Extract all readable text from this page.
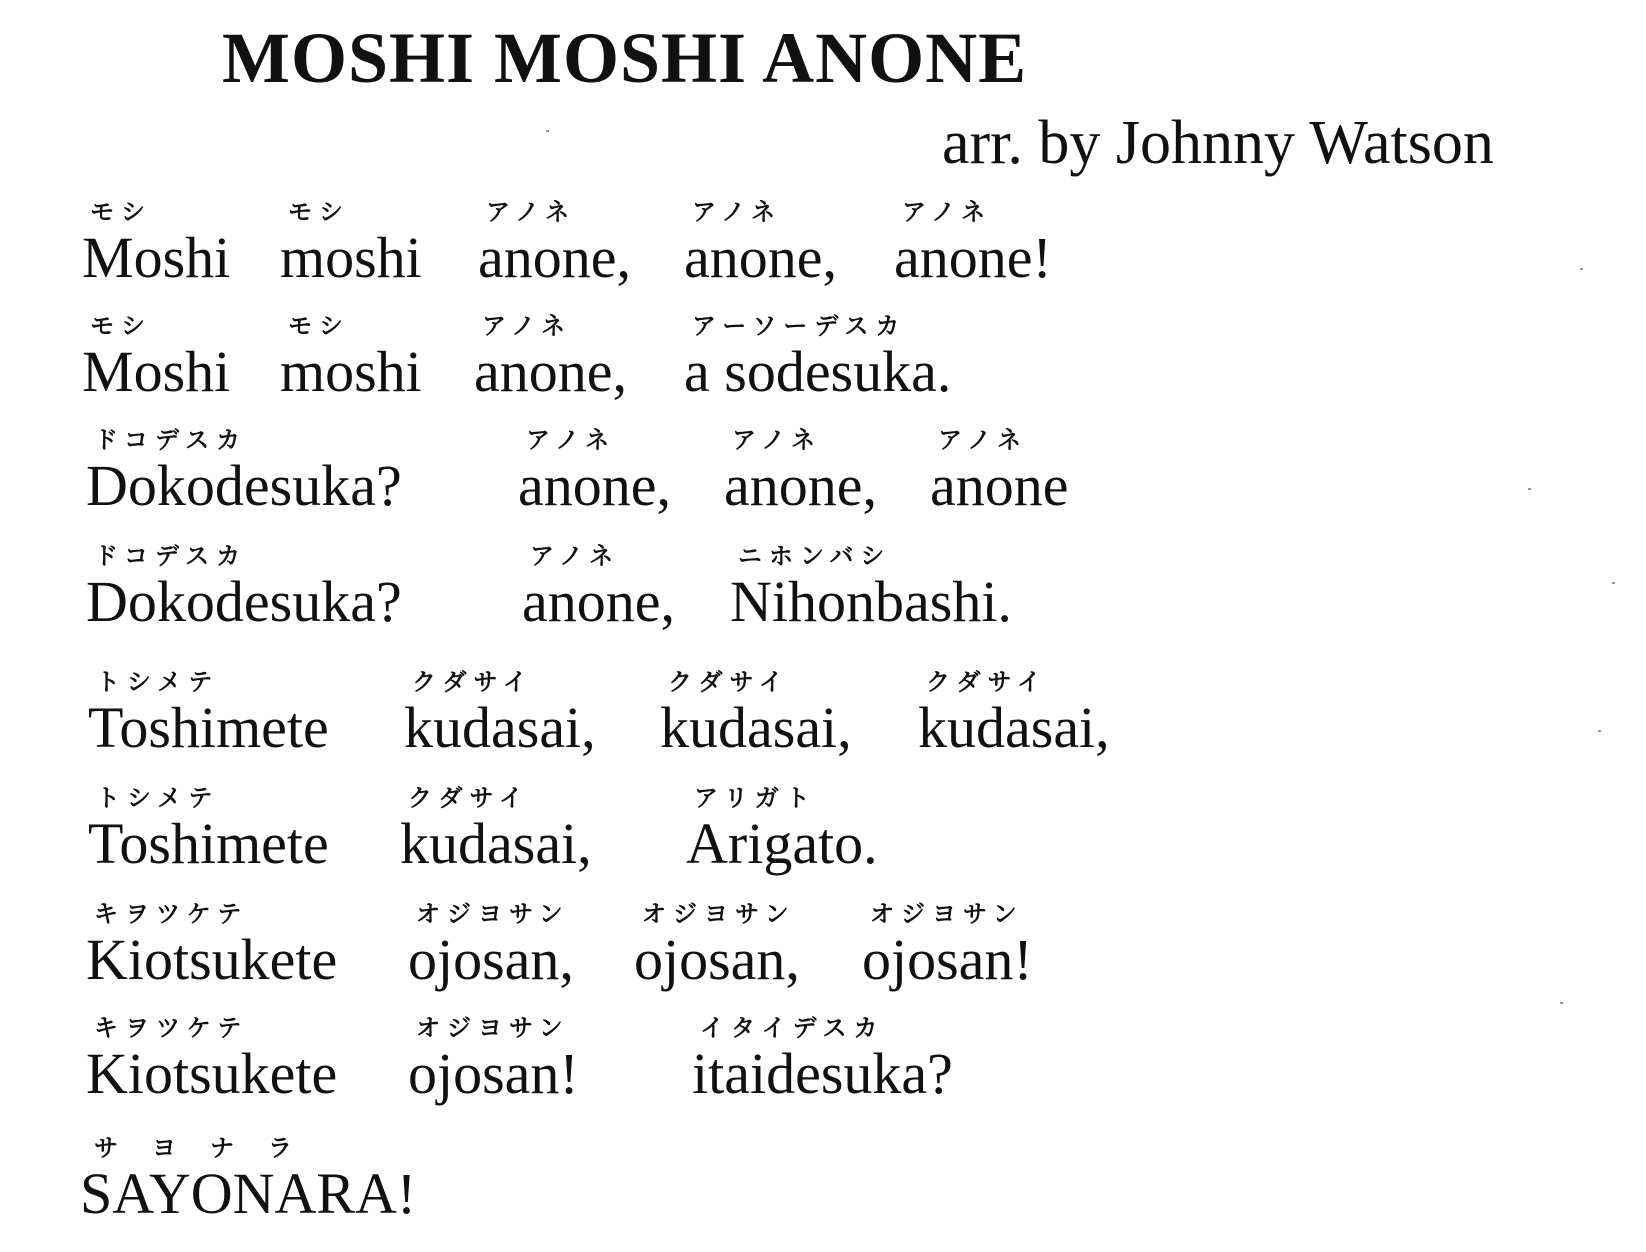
MOSHI MOSHI ANONE
arr. by Johnny Watson
モシ
Moshi
モシ
moshi
アノネ
anone,
アノネ
anone,
アノネ
anone!
モシ
Moshi
モシ
moshi
アノネ
anone,
アーソーデスカ
a sodesuka.
ドコデスカ
Dokodesuka?
アノネ
anone,
アノネ
anone,
アノネ
anone
ドコデスカ
Dokodesuka?
アノネ
anone,
ニホンバシ
Nihonbashi.
トシメテ
Toshimete
クダサイ
kudasai,
クダサイ
kudasai,
クダサイ
kudasai,
トシメテ
Toshimete
クダサイ
kudasai,
アリガト
Arigato.
キヲツケテ
Kiotsukete
オジヨサン
ojosan,
オジヨサン
ojosan,
オジヨサン
ojosan!
キヲツケテ
Kiotsukete
オジヨサン
ojosan!
イタイデスカ
itaidesuka?
サヨナラ
SAYONARA!
